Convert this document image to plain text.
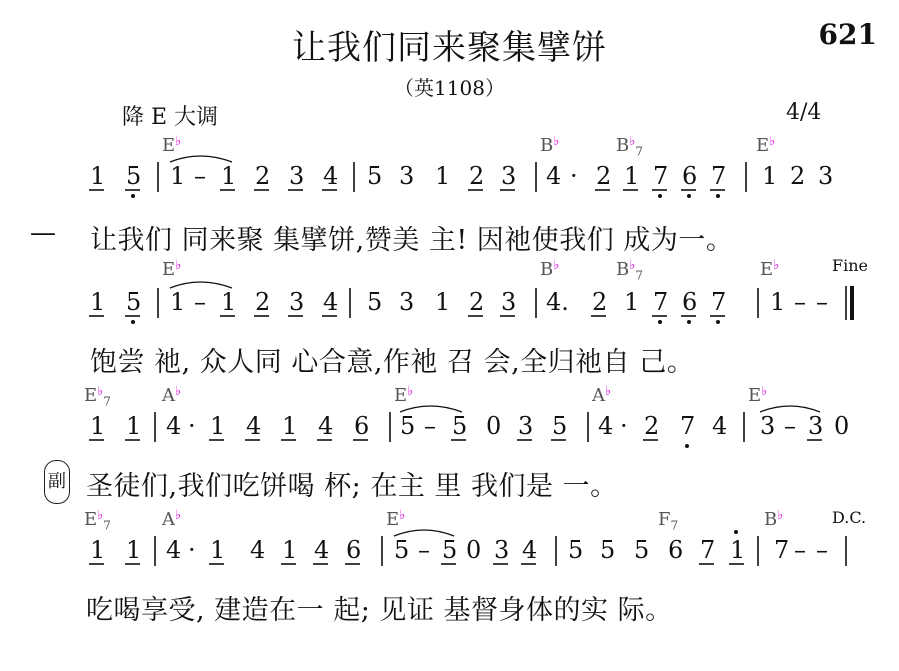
让我们同来聚集擘饼	621
（英1108）
降 E 大调	4/4
E♭	B♭	$B^♭_7$	E♭
1 5 1 – 1 2 3 4 5 3 1 2 3 4 · 2 1 7 6 7 1 2 3
— 让我们 同来聚 集擘饼,赞美 主! 因祂使我们 成为一。
E♭	B♭	$B^♭_7$	E♭	Fine
1 5 1 – 1 2 3 4 5 3 1 2 3 4. 2 1 7 6 7 1 – –
饱尝 祂, 众人同 心合意,作祂 召 会,全归祂自 己。
$E^♭_7$	A♭	E♭	A♭	E♭
1 1 4 · 1 4 1 4 6 5 – 5 0 3 5 4 · 2 7 4 3 – 3 0
副 圣徒们,我们吃饼喝 杯; 在主 里 我们是 一。
$E^♭_7$	A♭	E♭	$F_7$	B♭	D.C.
1 1 4 · 1 4 1 4 6 5 – 5 0 3 4 5 5 5 6 7 1 7 – –
吃喝享受, 建造在一 起; 见证 基督身体的实 际。
